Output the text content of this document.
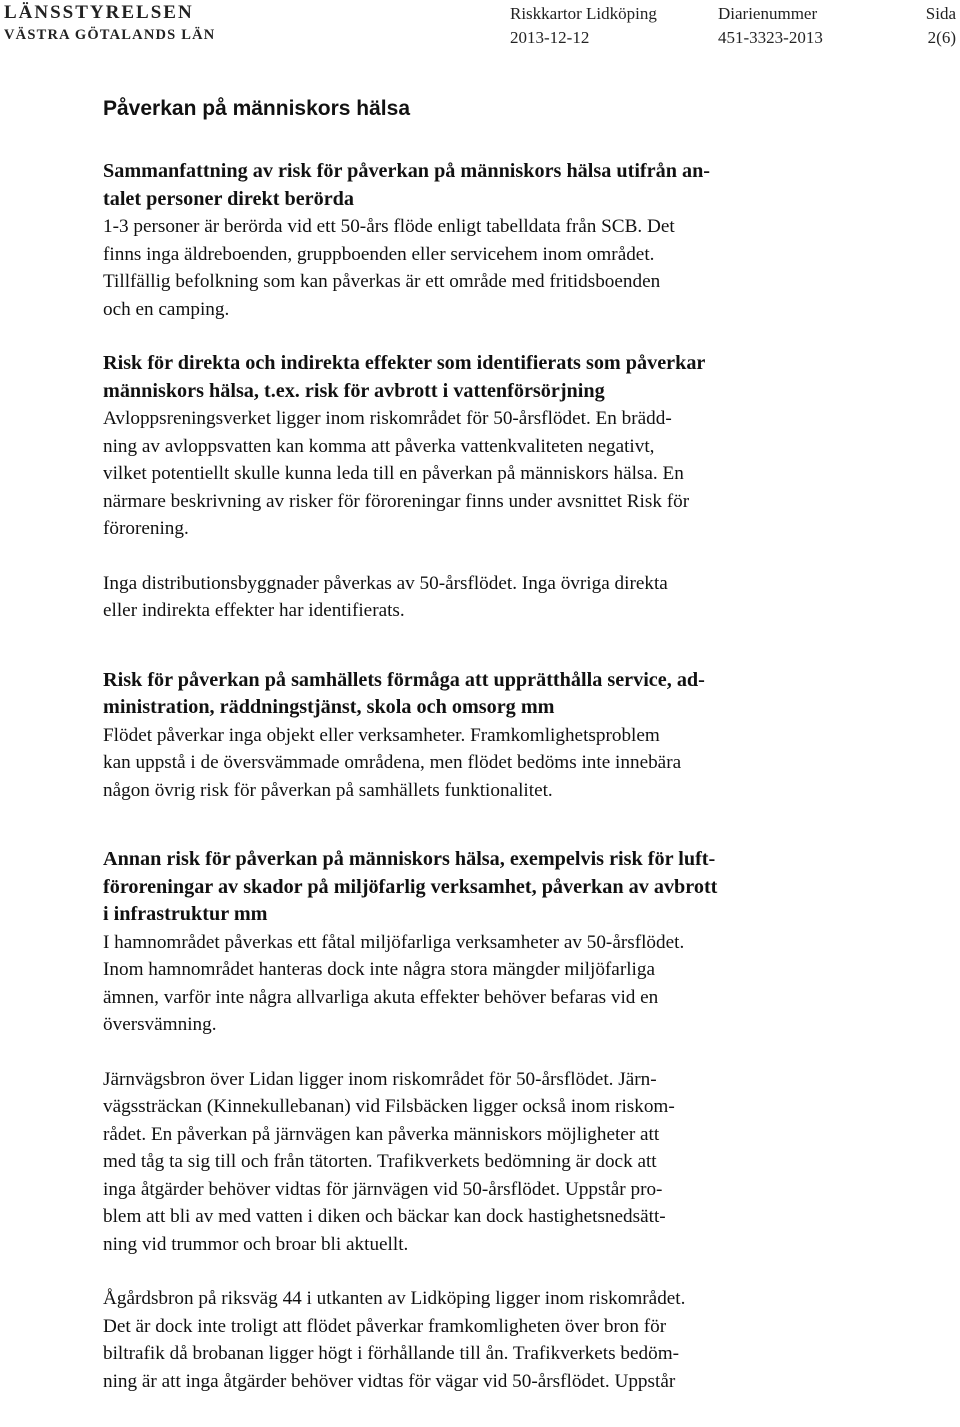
LÄNSSTYRELSEN
VÄSTRA GÖTALANDS LÄN
Riskkartor Lidköping
2013-12-12
Diarienummer
451-3323-2013
Sida
2(6)
Påverkan på människors hälsa
Sammanfattning av risk för påverkan på människors hälsa utifrån an-
talet personer direkt berörda

1-3 personer är berörda vid ett 50-års flöde enligt tabelldata från SCB. Det
finns inga äldreboenden, gruppboenden eller servicehem inom området.
Tillfällig befolkning som kan påverkas är ett område med fritidsboenden
och en camping.

Risk för direkta och indirekta effekter som identifierats som påverkar
människors hälsa, t.ex. risk för avbrott i vattenförsörjning

Avloppsreningsverket ligger inom riskområdet för 50-årsflödet. En brädd-
ning av avloppsvatten kan komma att påverka vattenkvaliteten negativt,
vilket potentiellt skulle kunna leda till en påverkan på människors hälsa. En
närmare beskrivning av risker för föroreningar finns under avsnittet Risk för
förorening.

Inga distributionsbyggnader påverkas av 50-årsflödet. Inga övriga direkta
eller indirekta effekter har identifierats.

Risk för påverkan på samhällets förmåga att upprätthålla service, ad-
ministration, räddningstjänst, skola och omsorg mm

Flödet påverkar inga objekt eller verksamheter. Framkomlighetsproblem
kan uppstå i de översvämmade områdena, men flödet bedöms inte innebära
någon övrig risk för påverkan på samhällets funktionalitet.

Annan risk för påverkan på människors hälsa, exempelvis risk för luft-
föroreningar av skador på miljöfarlig verksamhet, påverkan av avbrott
i infrastruktur mm

I hamnområdet påverkas ett fåtal miljöfarliga verksamheter av 50-årsflödet.
Inom hamnområdet hanteras dock inte några stora mängder miljöfarliga
ämnen, varför inte några allvarliga akuta effekter behöver befaras vid en
översvämning.

Järnvägsbron över Lidan ligger inom riskområdet för 50-årsflödet. Järn-
vägssträckan (Kinnekullebanan) vid Filsbäcken ligger också inom riskom-
rådet. En påverkan på järnvägen kan påverka människors möjligheter att
med tåg ta sig till och från tätorten. Trafikverkets bedömning är dock att
inga åtgärder behöver vidtas för järnvägen vid 50-årsflödet. Uppstår pro-
blem att bli av med vatten i diken och bäckar kan dock hastighetsnedsätt-
ning vid trummor och broar bli aktuellt.

Ågårdsbron på riksväg 44 i utkanten av Lidköping ligger inom riskområdet.
Det är dock inte troligt att flödet påverkar framkomligheten över bron för
biltrafik då brobanan ligger högt i förhållande till ån. Trafikverkets bedöm-
ning är att inga åtgärder behöver vidtas för vägar vid 50-årsflödet. Uppstår
